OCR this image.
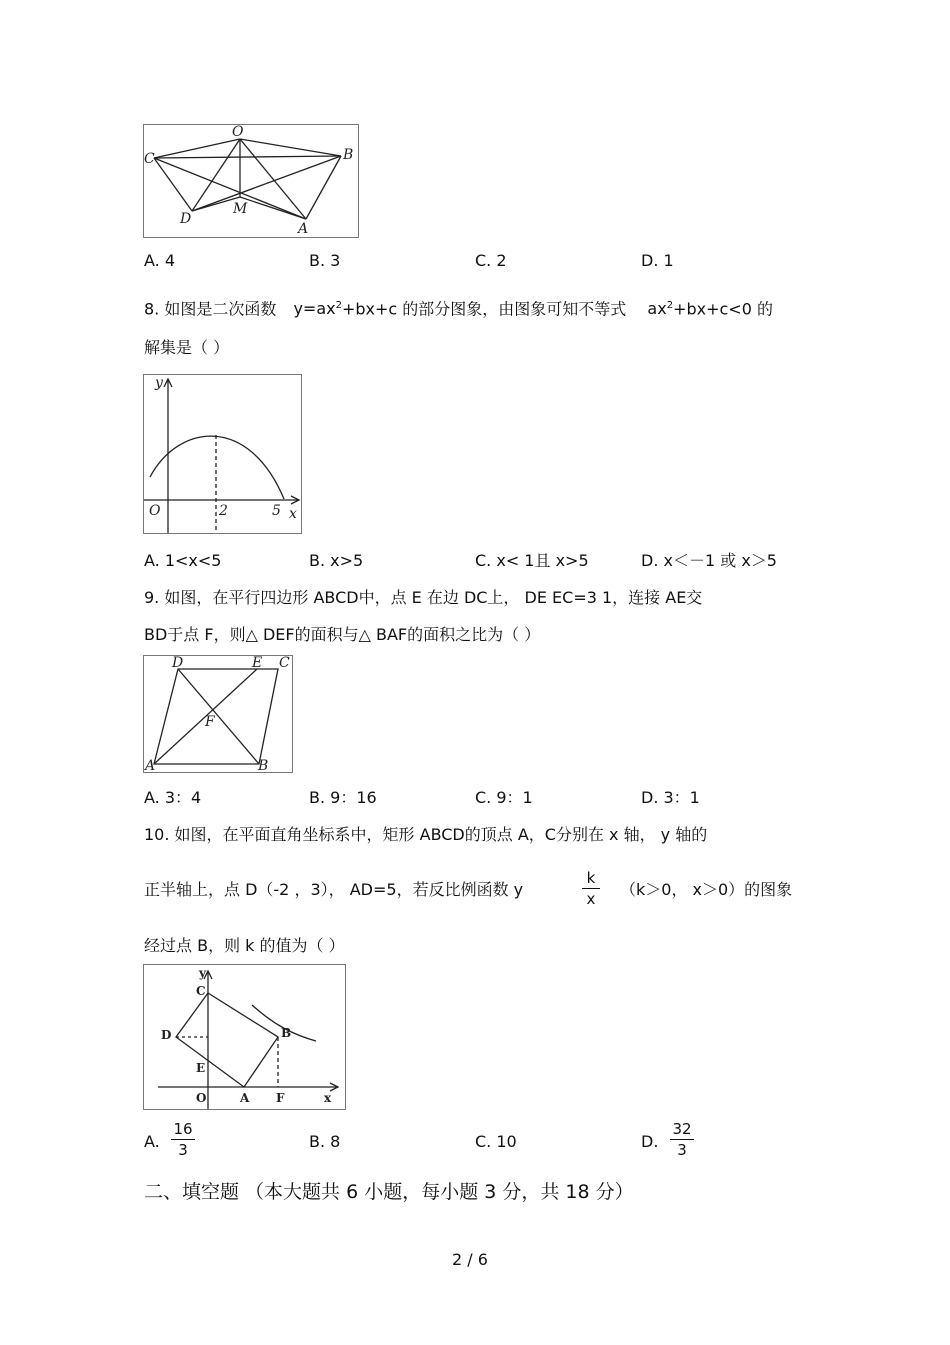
O
B
C
D
M
A
A. 4	B. 3	C. 2	D. 1
8. 如图是二次函数 $y=ax^2+bx+c$ 的部分图象，由图象可知不等式 $ax^2+bx+c<0$ 的
解集是（ ）
y
O	2	5 x
A. 1<x<5	B. x>5	C. x< 1且 x>5	D. x＜－1 或 x＞5
9. 如图，在平行四边形 ABCD中，点 E 在边 DC上， DE EC=3 1，连接 AE交
BD于点 F，则△ DEF的面积与△ BAF的面积之比为（ ）
D	E C
F
A	B
A. 3：4	B. 9：16	C. 9：1	D. 3：1
10. 如图，在平面直角坐标系中，矩形 ABCD的顶点 A，C分别在 x 轴， y 轴的
正半轴上，点 D（-2 ，3）， AD=5，若反比例函数 y
k
x （k＞0， x＞0）的图象
经过点 B，则 k 的值为（ ）
y
C
D	B
E
O	A F	x
A.
16
3	B. 8	C. 10	D.
32
3
二、填空题 （本大题共 6 小题，每小题 3 分，共 18 分）
2 / 6
